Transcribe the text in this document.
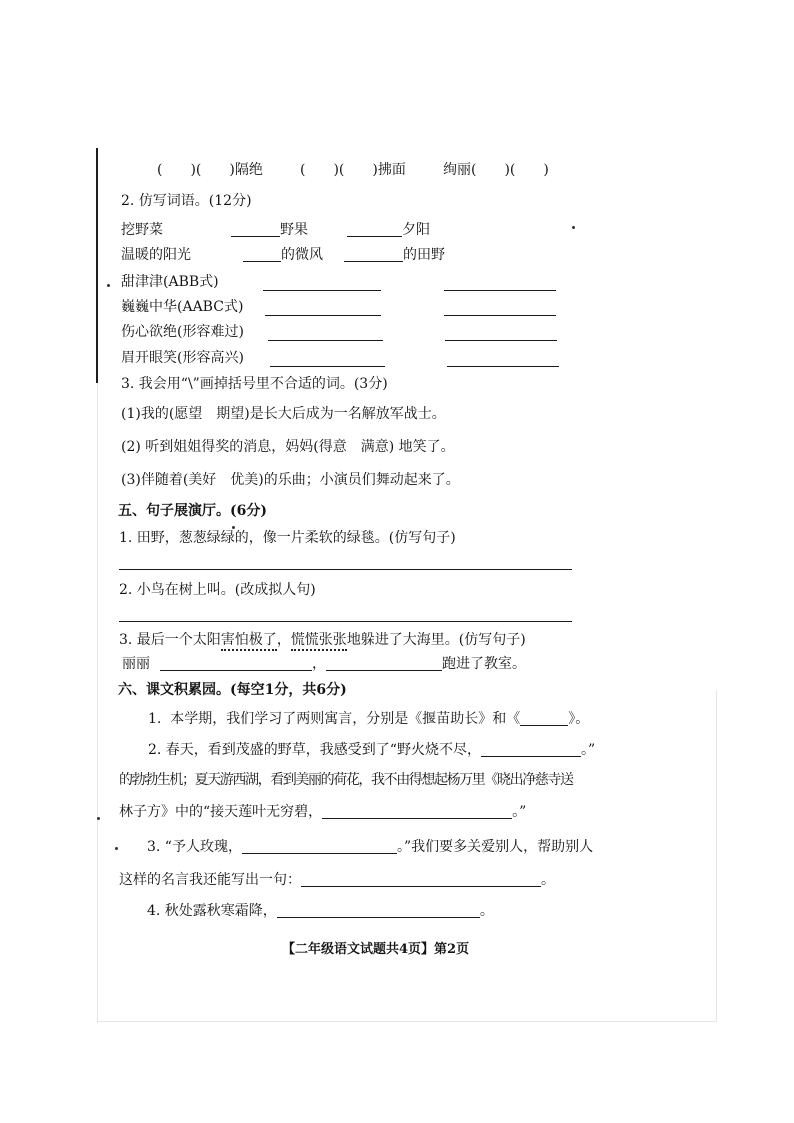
(　　)(　　)隔绝	(　　)(　　)拂面	绚丽(　　)(　　)
2. 仿写词语。(12分)
挖野菜	野果	夕阳
温暖的阳光	的微风	的田野
甜津津(ABB式)
巍巍中华(AABC式)
伤心欲绝(形容难过)
眉开眼笑(形容高兴)
3. 我会用“\”画掉括号里不合适的词。(3分)
(1)我的(愿望　期望)是长大后成为一名解放军战士。
(2) 听到姐姐得奖的消息，妈妈(得意　满意) 地笑了。
(3)伴随着(美好　优美)的乐曲；小演员们舞动起来了。
五、句子展演厅。(6分)
1. 田野，葱葱绿绿的，像一片柔软的绿毯。(仿写句子)
2. 小鸟在树上叫。(改成拟人句)
3. 最后一个太阳害怕极了，慌慌张张地躲进了大海里。(仿写句子)
丽丽	，	跑进了教室。
六、课文积累园。(每空1分，共6分)
1.  本学期，我们学习了两则寓言，分别是《揠苗助长》和《	》。
2. 春天，看到茂盛的野草，我感受到了“野火烧不尽，	。”
的勃勃生机；夏天游西湖，看到美丽的荷花，我不由得想起杨万里《晓出净慈寺送
林子方》中的“接天莲叶无穷碧，	。”
3. “予人玫瑰，	。”我们要多关爱别人，帮助别人
这样的名言我还能写出一句：	。
4. 秋处露秋寒霜降，	。
【二年级语文试题共4页】第2页
